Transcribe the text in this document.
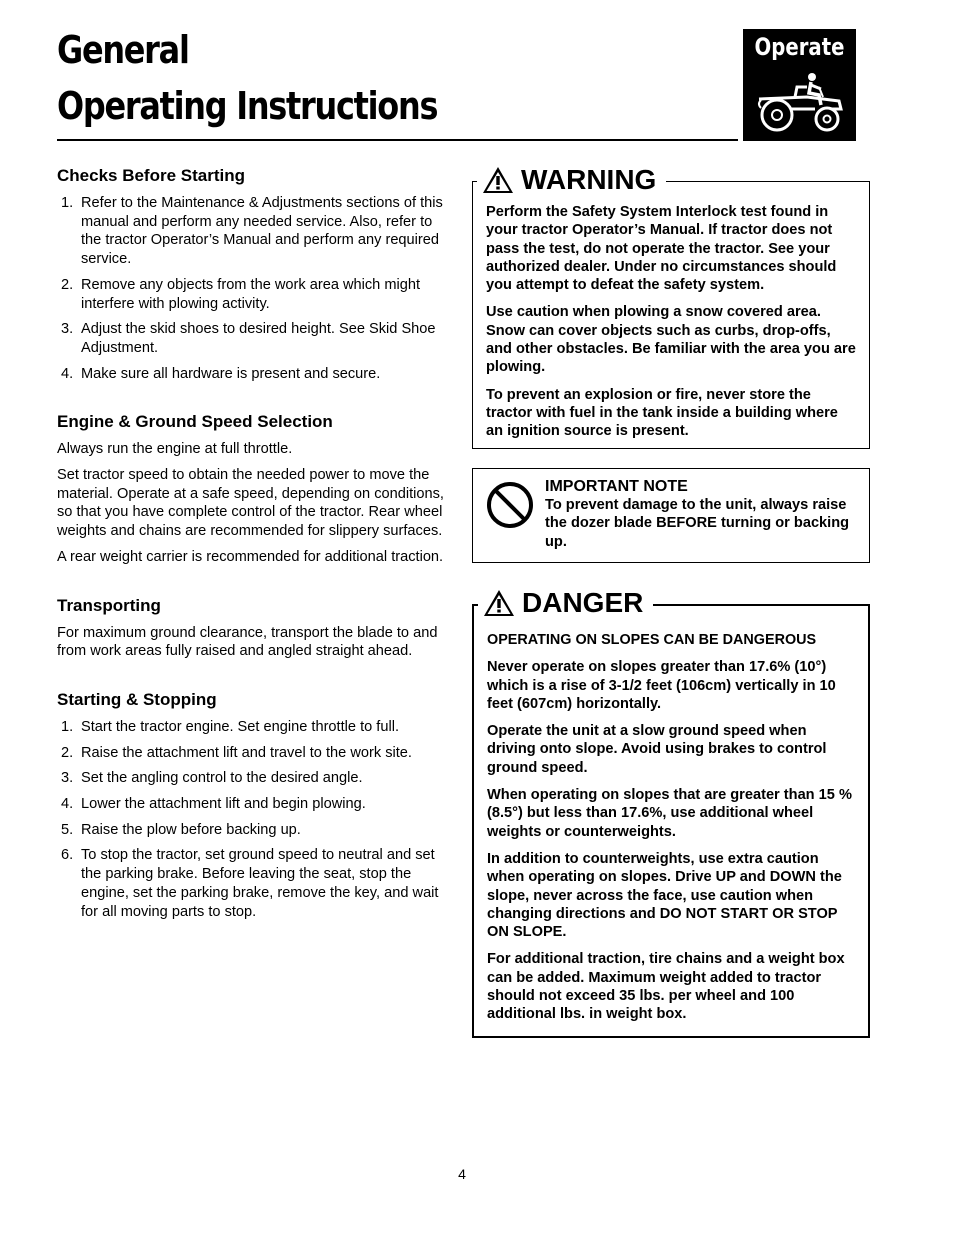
General
Operating Instructions
Operate
Checks Before Starting
1. Refer to the Maintenance & Adjustments sections of this manual and perform any needed service. Also, refer to the tractor Operator’s Manual and perform any required service.
2. Remove any objects from the work area which might interfere with plowing activity.
3. Adjust the skid shoes to desired height. See Skid Shoe Adjustment.
4. Make sure all hardware is present and secure.
Engine & Ground Speed Selection

Always run the engine at full throttle.

Set tractor speed to obtain the needed power to move the material. Operate at a safe speed, depending on conditions, so that you have complete control of the tractor. Rear wheel weights and chains are recommended for slippery surfaces.

A rear weight carrier is recommended for additional traction.

Transporting

For maximum ground clearance, transport the blade to and from work areas fully raised and angled straight ahead.

Starting & Stopping
1. Start the tractor engine. Set engine throttle to full.
2. Raise the attachment lift and travel to the work site.
3. Set the angling control to the desired angle.
4. Lower the attachment lift and begin plowing.
5. Raise the plow before backing up.
6. To stop the tractor, set ground speed to neutral and set the parking brake. Before leaving the seat, stop the engine, set the parking brake, remove the key, and wait for all moving parts to stop.
WARNING

Perform the Safety System Interlock test found in your tractor Operator’s Manual. If tractor does not pass the test, do not operate the tractor. See your authorized dealer. Under no circumstances should you attempt to defeat the safety system.

Use caution when plowing a snow covered area. Snow can cover objects such as curbs, drop-offs, and other obstacles. Be familiar with the area you are plowing.

To prevent an explosion or fire, never store the tractor with fuel in the tank inside a building where an ignition source is present.

IMPORTANT NOTE

To prevent damage to the unit, always raise the dozer blade BEFORE turning or backing up.

DANGER

OPERATING ON SLOPES CAN BE DANGEROUS

Never operate on slopes greater than 17.6% (10°) which is a rise of 3-1/2 feet (106cm) vertically in 10 feet (607cm) horizontally.

Operate the unit at a slow ground speed when driving onto slope. Avoid using brakes to control ground speed.

When operating on slopes that are greater than 15 % (8.5°) but less than 17.6%, use additional wheel weights or counterweights.

In addition to counterweights, use extra caution when operating on slopes. Drive UP and DOWN the slope, never across the face, use caution when changing directions and DO NOT START OR STOP ON SLOPE.

For additional traction, tire chains and a weight box can be added. Maximum weight added to tractor should not exceed 35 lbs. per wheel and 100 additional lbs. in weight box.

4
